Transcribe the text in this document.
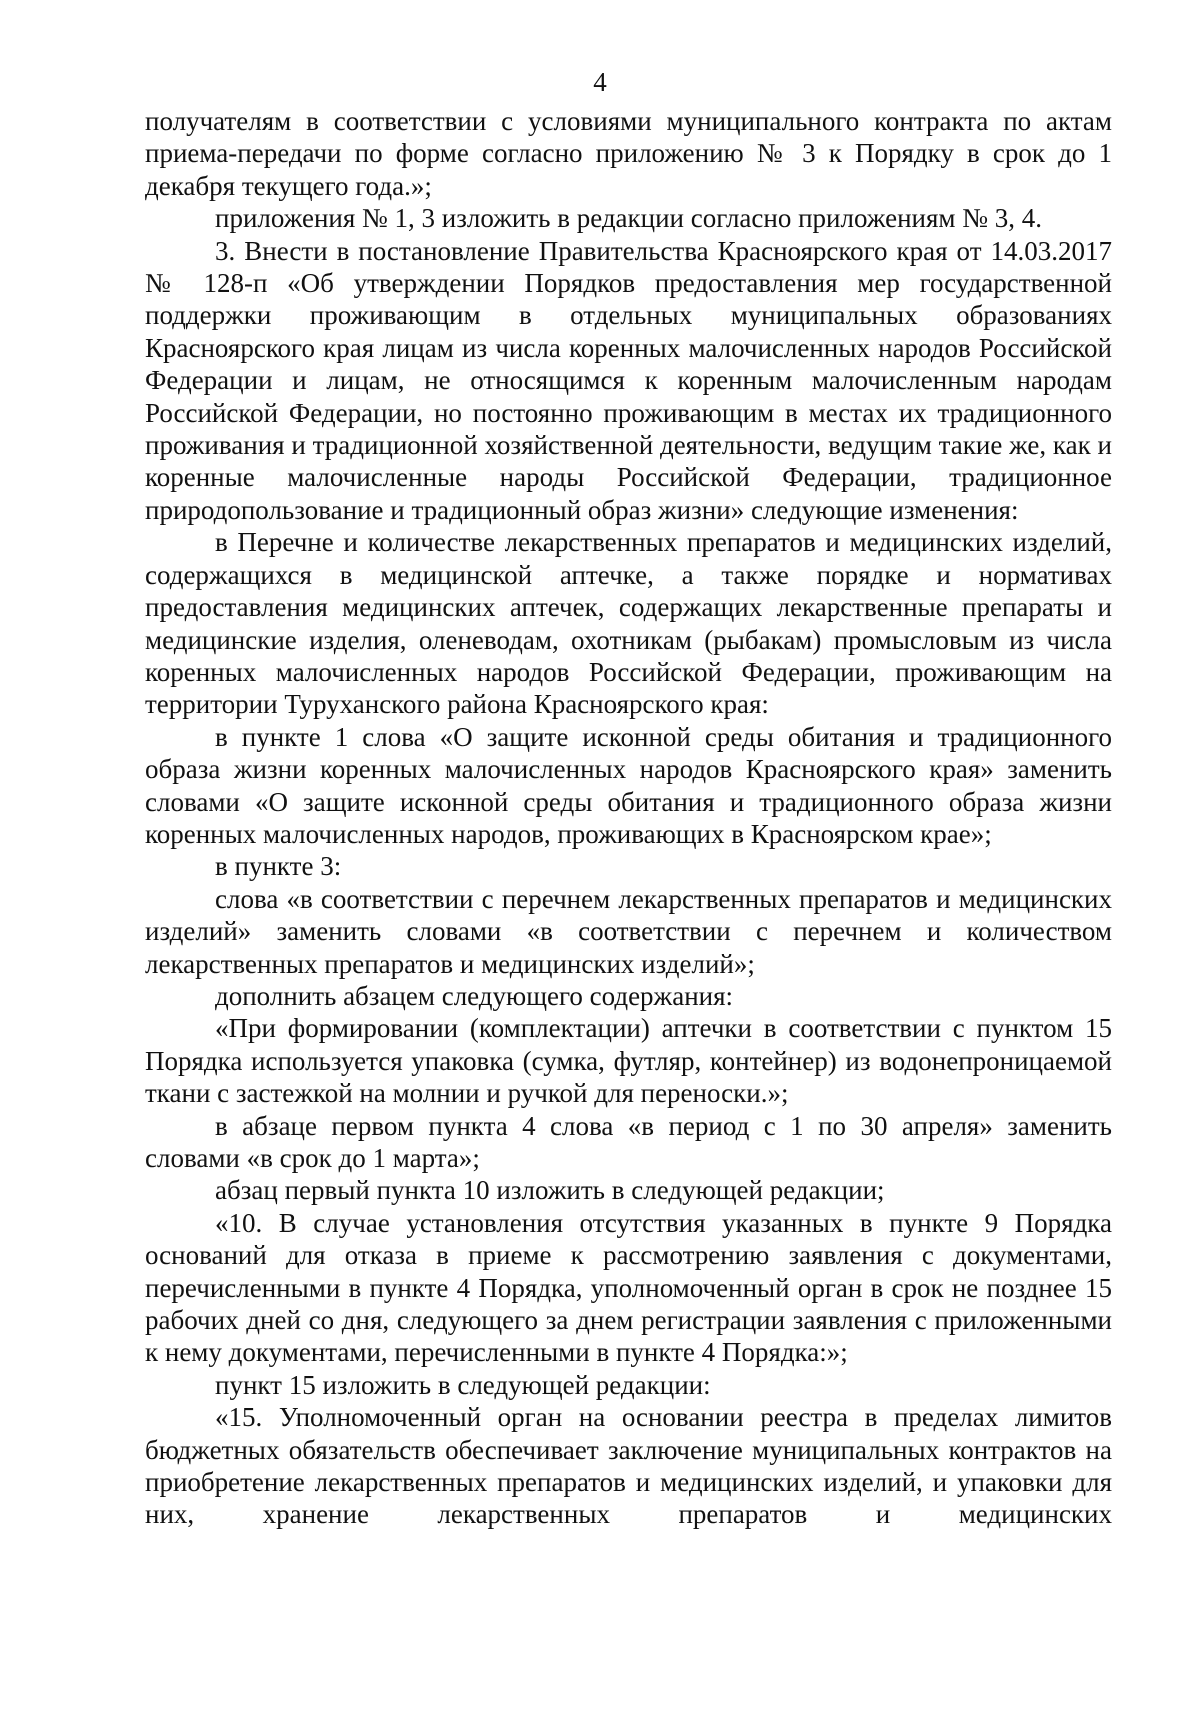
4

получателям в соответствии с условиями муниципального контракта по актам приема-передачи по форме согласно приложению № 3 к Порядку в срок до 1 декабря текущего года.»;

приложения № 1, 3 изложить в редакции согласно приложениям № 3, 4.

3. Внести в постановление Правительства Красноярского края от 14.03.2017 № 128-п «Об утверждении Порядков предоставления мер государственной поддержки проживающим в отдельных муниципальных образованиях Красноярского края лицам из числа коренных малочисленных народов Российской Федерации и лицам, не относящимся к коренным малочисленным народам Российской Федерации, но постоянно проживающим в местах их традиционного проживания и традиционной хозяйственной деятельности, ведущим такие же, как и коренные малочисленные народы Российской Федерации, традиционное природопользование и традиционный образ жизни» следующие изменения:

в Перечне и количестве лекарственных препаратов и медицинских изделий, содержащихся в медицинской аптечке, а также порядке и нормативах предоставления медицинских аптечек, содержащих лекарственные препараты и медицинские изделия, оленеводам, охотникам (рыбакам) промысловым из числа коренных малочисленных народов Российской Федерации, проживающим на территории Туруханского района Красноярского края:

в пункте 1 слова «О защите исконной среды обитания и традиционного образа жизни коренных малочисленных народов Красноярского края» заменить словами «О защите исконной среды обитания и традиционного образа жизни коренных малочисленных народов, проживающих в Красноярском крае»;

в пункте 3:

слова «в соответствии с перечнем лекарственных препаратов и медицинских изделий» заменить словами «в соответствии с перечнем и количеством лекарственных препаратов и медицинских изделий»;

дополнить абзацем следующего содержания:

«При формировании (комплектации) аптечки в соответствии с пунктом 15 Порядка используется упаковка (сумка, футляр, контейнер) из водонепроницаемой ткани с застежкой на молнии и ручкой для переноски.»;

в абзаце первом пункта 4 слова «в период с 1 по 30 апреля» заменить словами «в срок до 1 марта»;

абзац первый пункта 10 изложить в следующей редакции;

«10. В случае установления отсутствия указанных в пункте 9 Порядка оснований для отказа в приеме к рассмотрению заявления с документами, перечисленными в пункте 4 Порядка, уполномоченный орган в срок не позднее 15 рабочих дней со дня, следующего за днем регистрации заявления с приложенными к нему документами, перечисленными в пункте 4 Порядка:»;

пункт 15 изложить в следующей редакции:

«15. Уполномоченный орган на основании реестра в пределах лимитов бюджетных обязательств обеспечивает заключение муниципальных контрактов на приобретение лекарственных препаратов и медицинских изделий, и упаковки для них, хранение лекарственных препаратов и медицинских
